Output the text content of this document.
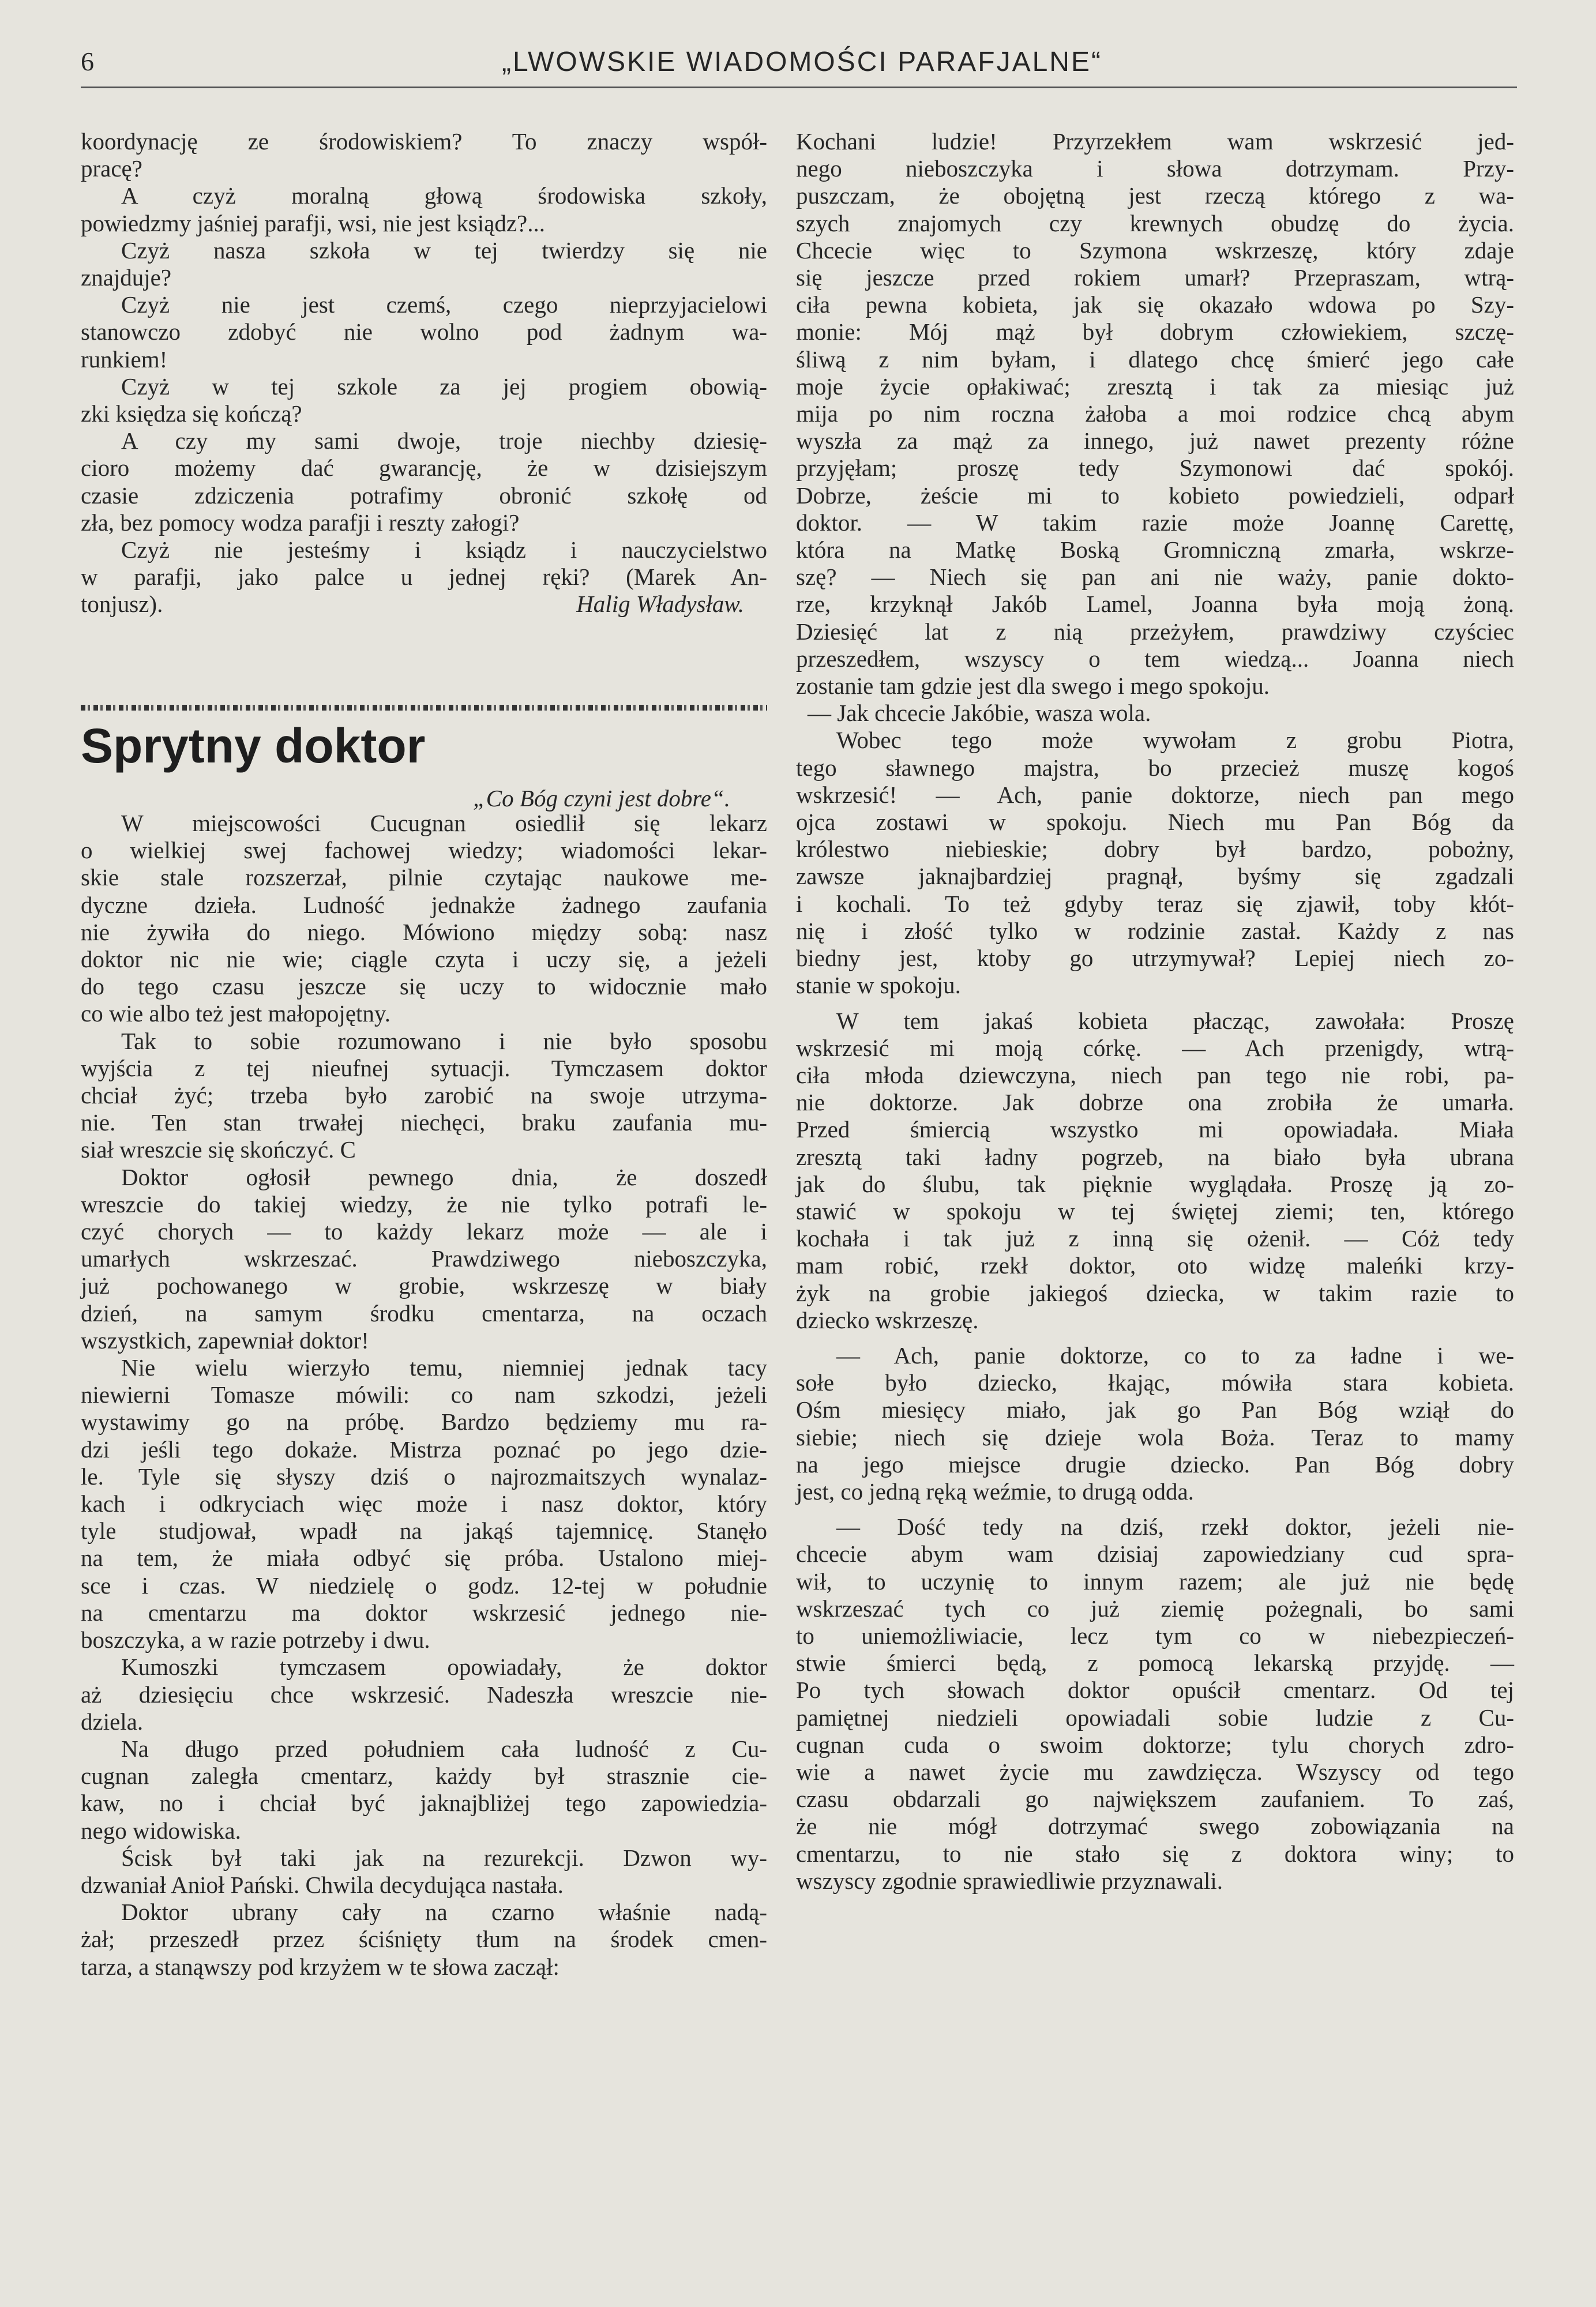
6	„LWOWSKIE WIADOMOŚCI PARAFJALNE“
koordynację ze środowiskiem? To znaczy współ-
pracę?
A czyż moralną głową środowiska szkoły,
powiedzmy jaśniej parafji, wsi, nie jest ksiądz?...
Czyż nasza szkoła w tej twierdzy się nie
znajduje?
Czyż nie jest czemś, czego nieprzyjacielowi
stanowczo zdobyć nie wolno pod żadnym wa-
runkiem!
Czyż w tej szkole za jej progiem obowią-
zki księdza się kończą?
A czy my sami dwoje, troje niechby dziesię-
cioro możemy dać gwarancję, że w dzisiejszym
czasie zdziczenia potrafimy obronić szkołę od
zła, bez pomocy wodza parafji i reszty załogi?
Czyż nie jesteśmy i ksiądz i nauczycielstwo
w parafji, jako palce u jednej ręki? (Marek An-
tonjusz).	Halig Władysław.
Sprytny doktor
„Co Bóg czyni jest dobre“.
W miejscowości Cucugnan osiedlił się lekarz
o wielkiej swej fachowej wiedzy; wiadomości lekar-
skie stale rozszerzał, pilnie czytając naukowe me-
dyczne dzieła. Ludność jednakże żadnego zaufania
nie żywiła do niego. Mówiono między sobą: nasz
doktor nic nie wie; ciągle czyta i uczy się, a jeżeli
do tego czasu jeszcze się uczy to widocznie mało
co wie albo też jest małopojętny.
Tak to sobie rozumowano i nie było sposobu
wyjścia z tej nieufnej sytuacji. Tymczasem doktor
chciał żyć; trzeba było zarobić na swoje utrzyma-
nie. Ten stan trwałej niechęci, braku zaufania mu-
siał wreszcie się skończyć. C
Doktor ogłosił pewnego dnia, że doszedł
wreszcie do takiej wiedzy, że nie tylko potrafi le-
czyć chorych — to każdy lekarz może — ale i
umarłych wskrzeszać. Prawdziwego nieboszczyka,
już pochowanego w grobie, wskrzeszę w biały
dzień, na samym środku cmentarza, na oczach
wszystkich, zapewniał doktor!
Nie wielu wierzyło temu, niemniej jednak tacy
niewierni Tomasze mówili: co nam szkodzi, jeżeli
wystawimy go na próbę. Bardzo będziemy mu ra-
dzi jeśli tego dokaże. Mistrza poznać po jego dzie-
le. Tyle się słyszy dziś o najrozmaitszych wynalaz-
kach i odkryciach więc może i nasz doktor, który
tyle studjował, wpadł na jakąś tajemnicę. Stanęło
na tem, że miała odbyć się próba. Ustalono miej-
sce i czas. W niedzielę o godz. 12-tej w południe
na cmentarzu ma doktor wskrzesić jednego nie-
boszczyka, a w razie potrzeby i dwu.
Kumoszki tymczasem opowiadały, że doktor
aż dziesięciu chce wskrzesić. Nadeszła wreszcie nie-
dziela.
Na długo przed południem cała ludność z Cu-
cugnan zaległa cmentarz, każdy był strasznie cie-
kaw, no i chciał być jaknajbliżej tego zapowiedzia-
nego widowiska.
Ścisk był taki jak na rezurekcji. Dzwon wy-
dzwaniał Anioł Pański. Chwila decydująca nastała.
Doktor ubrany cały na czarno właśnie nadą-
żał; przeszedł przez ściśnięty tłum na środek cmen-
tarza, a stanąwszy pod krzyżem w te słowa zaczął:
Kochani ludzie! Przyrzekłem wam wskrzesić jed-
nego nieboszczyka i słowa dotrzymam. Przy-
puszczam, że obojętną jest rzeczą którego z wa-
szych znajomych czy krewnych obudzę do życia.
Chcecie więc to Szymona wskrzeszę, który zdaje
się jeszcze przed rokiem umarł? Przepraszam, wtrą-
ciła pewna kobieta, jak się okazało wdowa po Szy-
monie: Mój mąż był dobrym człowiekiem, szczę-
śliwą z nim byłam, i dlatego chcę śmierć jego całe
moje życie opłakiwać; zresztą i tak za miesiąc już
mija po nim roczna żałoba a moi rodzice chcą abym
wyszła za mąż za innego, już nawet prezenty różne
przyjęłam; proszę tedy Szymonowi dać spokój.
Dobrze, żeście mi to kobieto powiedzieli, odparł
doktor. — W takim razie może Joannę Carettę,
która na Matkę Boską Gromniczną zmarła, wskrze-
szę? — Niech się pan ani nie waży, panie dokto-
rze, krzyknął Jakób Lamel, Joanna była moją żoną.
Dziesięć lat z nią przeżyłem, prawdziwy czyściec
przeszedłem, wszyscy o tem wiedzą... Joanna niech
zostanie tam gdzie jest dla swego i mego spokoju.
— Jak chcecie Jakóbie, wasza wola.
Wobec tego może wywołam z grobu Piotra,
tego sławnego majstra, bo przecież muszę kogoś
wskrzesić! — Ach, panie doktorze, niech pan mego
ojca zostawi w spokoju. Niech mu Pan Bóg da
królestwo niebieskie; dobry był bardzo, pobożny,
zawsze jaknajbardziej pragnął, byśmy się zgadzali
i kochali. To też gdyby teraz się zjawił, toby kłót-
nię i złość tylko w rodzinie zastał. Każdy z nas
biedny jest, ktoby go utrzymywał? Lepiej niech zo-
stanie w spokoju.
W tem jakaś kobieta płacząc, zawołała: Proszę
wskrzesić mi moją córkę. — Ach przenigdy, wtrą-
ciła młoda dziewczyna, niech pan tego nie robi, pa-
nie doktorze. Jak dobrze ona zrobiła że umarła.
Przed śmiercią wszystko mi opowiadała. Miała
zresztą taki ładny pogrzeb, na biało była ubrana
jak do ślubu, tak pięknie wyglądała. Proszę ją zo-
stawić w spokoju w tej świętej ziemi; ten, którego
kochała i tak już z inną się ożenił. — Cóż tedy
mam robić, rzekł doktor, oto widzę maleńki krzy-
żyk na grobie jakiegoś dziecka, w takim razie to
dziecko wskrzeszę.
— Ach, panie doktorze, co to za ładne i we-
sołe było dziecko, łkając, mówiła stara kobieta.
Ośm miesięcy miało, jak go Pan Bóg wziął do
siebie; niech się dzieje wola Boża. Teraz to mamy
na jego miejsce drugie dziecko. Pan Bóg dobry
jest, co jedną ręką weźmie, to drugą odda.
— Dość tedy na dziś, rzekł doktor, jeżeli nie-
chcecie abym wam dzisiaj zapowiedziany cud spra-
wił, to uczynię to innym razem; ale już nie będę
wskrzeszać tych co już ziemię pożegnali, bo sami
to uniemożliwiacie, lecz tym co w niebezpieczeń-
stwie śmierci będą, z pomocą lekarską przyjdę. —
Po tych słowach doktor opuścił cmentarz. Od tej
pamiętnej niedzieli opowiadali sobie ludzie z Cu-
cugnan cuda o swoim doktorze; tylu chorych zdro-
wie a nawet życie mu zawdzięcza. Wszyscy od tego
czasu obdarzali go największem zaufaniem. To zaś,
że nie mógł dotrzymać swego zobowiązania na
cmentarzu, to nie stało się z doktora winy; to
wszyscy zgodnie sprawiedliwie przyznawali.
